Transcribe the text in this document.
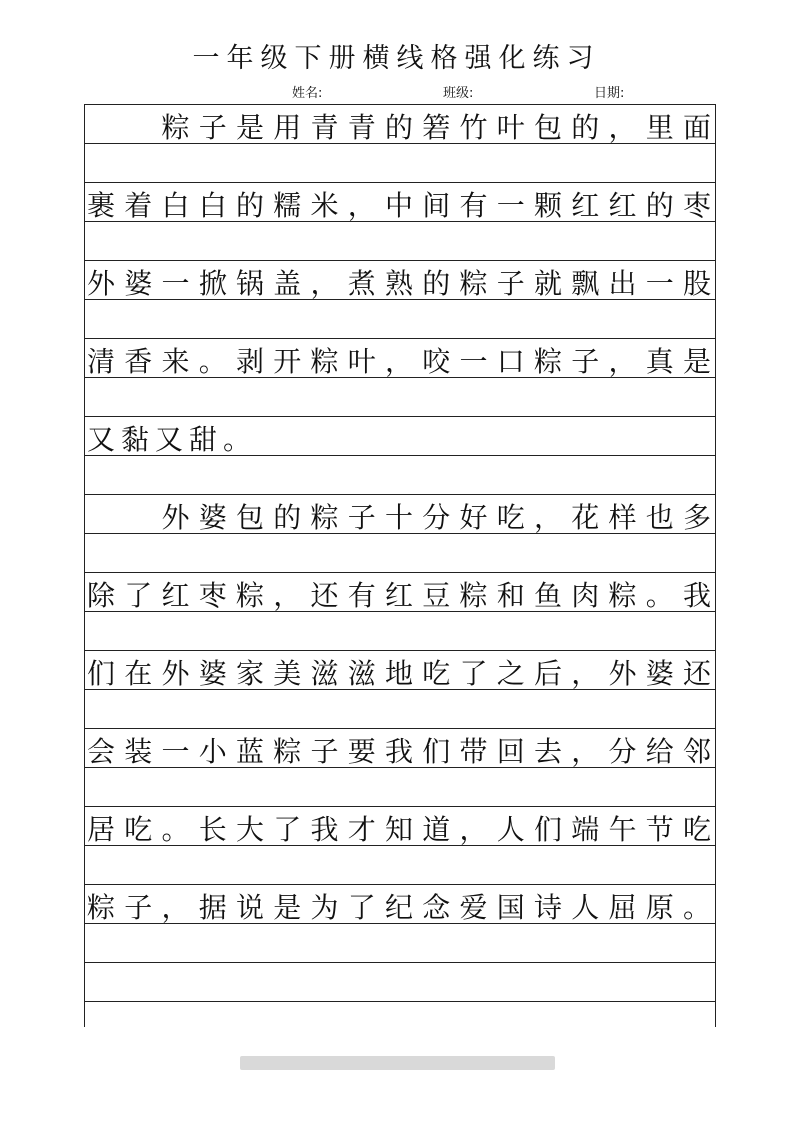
一年级下册横线格强化练习
姓名:	班级:	日期:

粽 子 是 用 青 青 的 箬 竹 叶 包 的 ， 里 面
裹 着 白 白 的 糯 米 ， 中 间 有 一 颗 红 红 的 枣
外 婆 一 掀 锅 盖 ， 煮 熟 的 粽 子 就 飘 出 一 股
清 香 来 。 剥 开 粽 叶 ， 咬 一 口 粽 子 ， 真 是
又 黏 又 甜 。

外 婆 包 的 粽 子 十 分 好 吃 ， 花 样 也 多
除 了 红 枣 粽 ， 还 有 红 豆 粽 和 鱼 肉 粽 。 我
们 在 外 婆 家 美 滋 滋 地 吃 了 之 后 ， 外 婆 还
会 装 一 小 蓝 粽 子 要 我 们 带 回 去 ， 分 给 邻
居 吃 。 长 大 了 我 才 知 道 ， 人 们 端 午 节 吃
粽 子 ， 据 说 是 为 了 纪 念 爱 国 诗 人 屈 原 。
